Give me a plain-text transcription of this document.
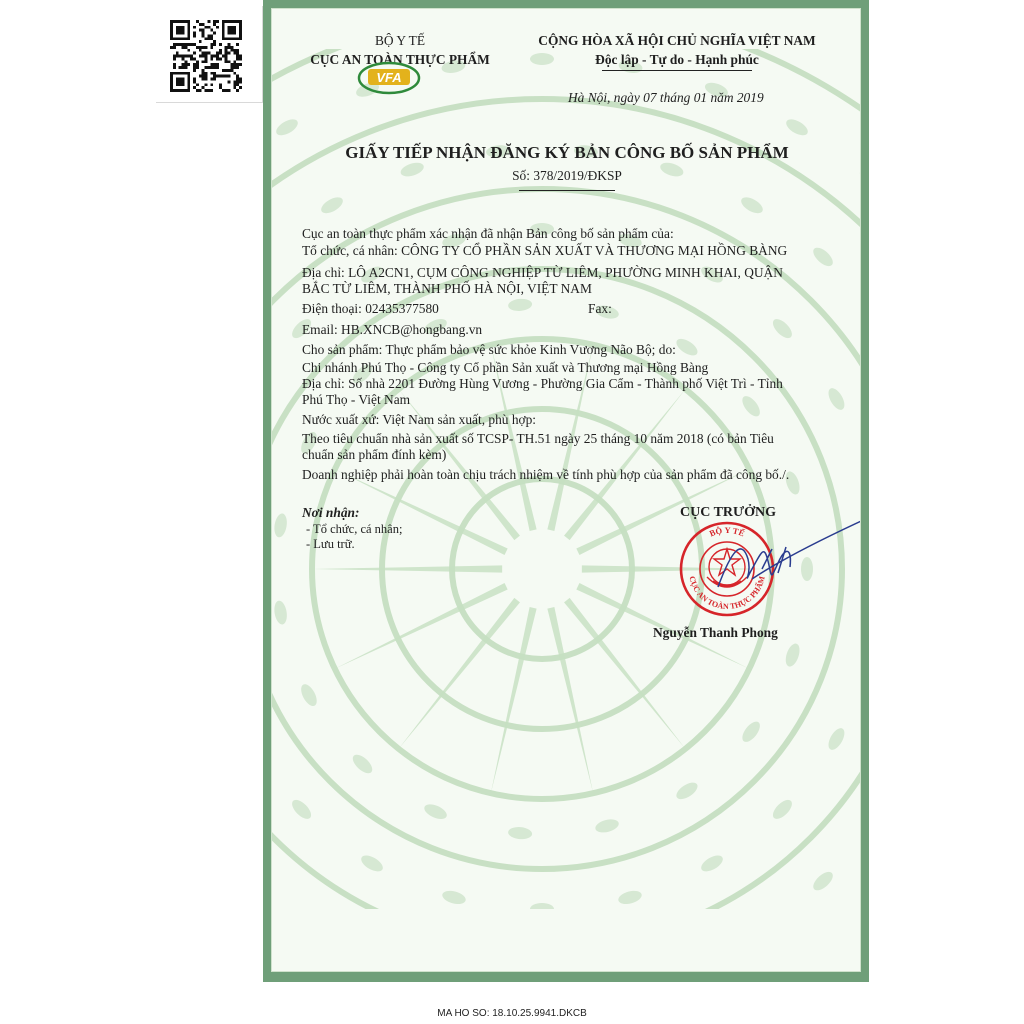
BỘ Y TẾ
CỤC AN TOÀN THỰC PHẨM
VFA
CỘNG HÒA XÃ HỘI CHỦ NGHĨA VIỆT NAM
Độc lập - Tự do - Hạnh phúc
Hà Nội, ngày 07 tháng 01 năm 2019
GIẤY TIẾP NHẬN ĐĂNG KÝ BẢN CÔNG BỐ SẢN PHẨM
Số: 378/2019/ĐKSP
Cục an toàn thực phẩm xác nhận đã nhận Bản công bố sản phẩm của:
Tổ chức, cá nhân: CÔNG TY CỔ PHẦN SẢN XUẤT VÀ THƯƠNG MẠI HỒNG BÀNG
Địa chỉ: LÔ A2CN1, CỤM CÔNG NGHIỆP TỪ LIÊM, PHƯỜNG MINH KHAI, QUẬN
BẮC TỪ LIÊM, THÀNH PHỐ HÀ NỘI, VIỆT NAM
Điện thoại: 02435377580	Fax:
Email: HB.XNCB@hongbang.vn
Cho sản phẩm: Thực phẩm bảo vệ sức khỏe Kinh Vương Não Bộ; do:
Chi nhánh Phú Thọ - Công ty Cổ phần Sản xuất và Thương mại Hồng Bàng
Địa chỉ: Số nhà 2201 Đường Hùng Vương - Phường Gia Cẩm - Thành phố Việt Trì - Tỉnh
Phú Thọ - Việt Nam
Nước xuất xứ: Việt Nam sản xuất, phù hợp:
Theo tiêu chuẩn nhà sản xuất số TCSP- TH.51 ngày 25 tháng 10 năm 2018 (có bản Tiêu
chuẩn sản phẩm đính kèm)
Doanh nghiệp phải hoàn toàn chịu trách nhiệm về tính phù hợp của sản phẩm đã công bố./.
Nơi nhận:
- Tổ chức, cá nhân;
- Lưu trữ.
CỤC TRƯỞNG
BỘ Y TẾ
CỤC AN TOÀN THỰC PHẨM
Nguyễn Thanh Phong
MA HO SO: 18.10.25.9941.DKCB
